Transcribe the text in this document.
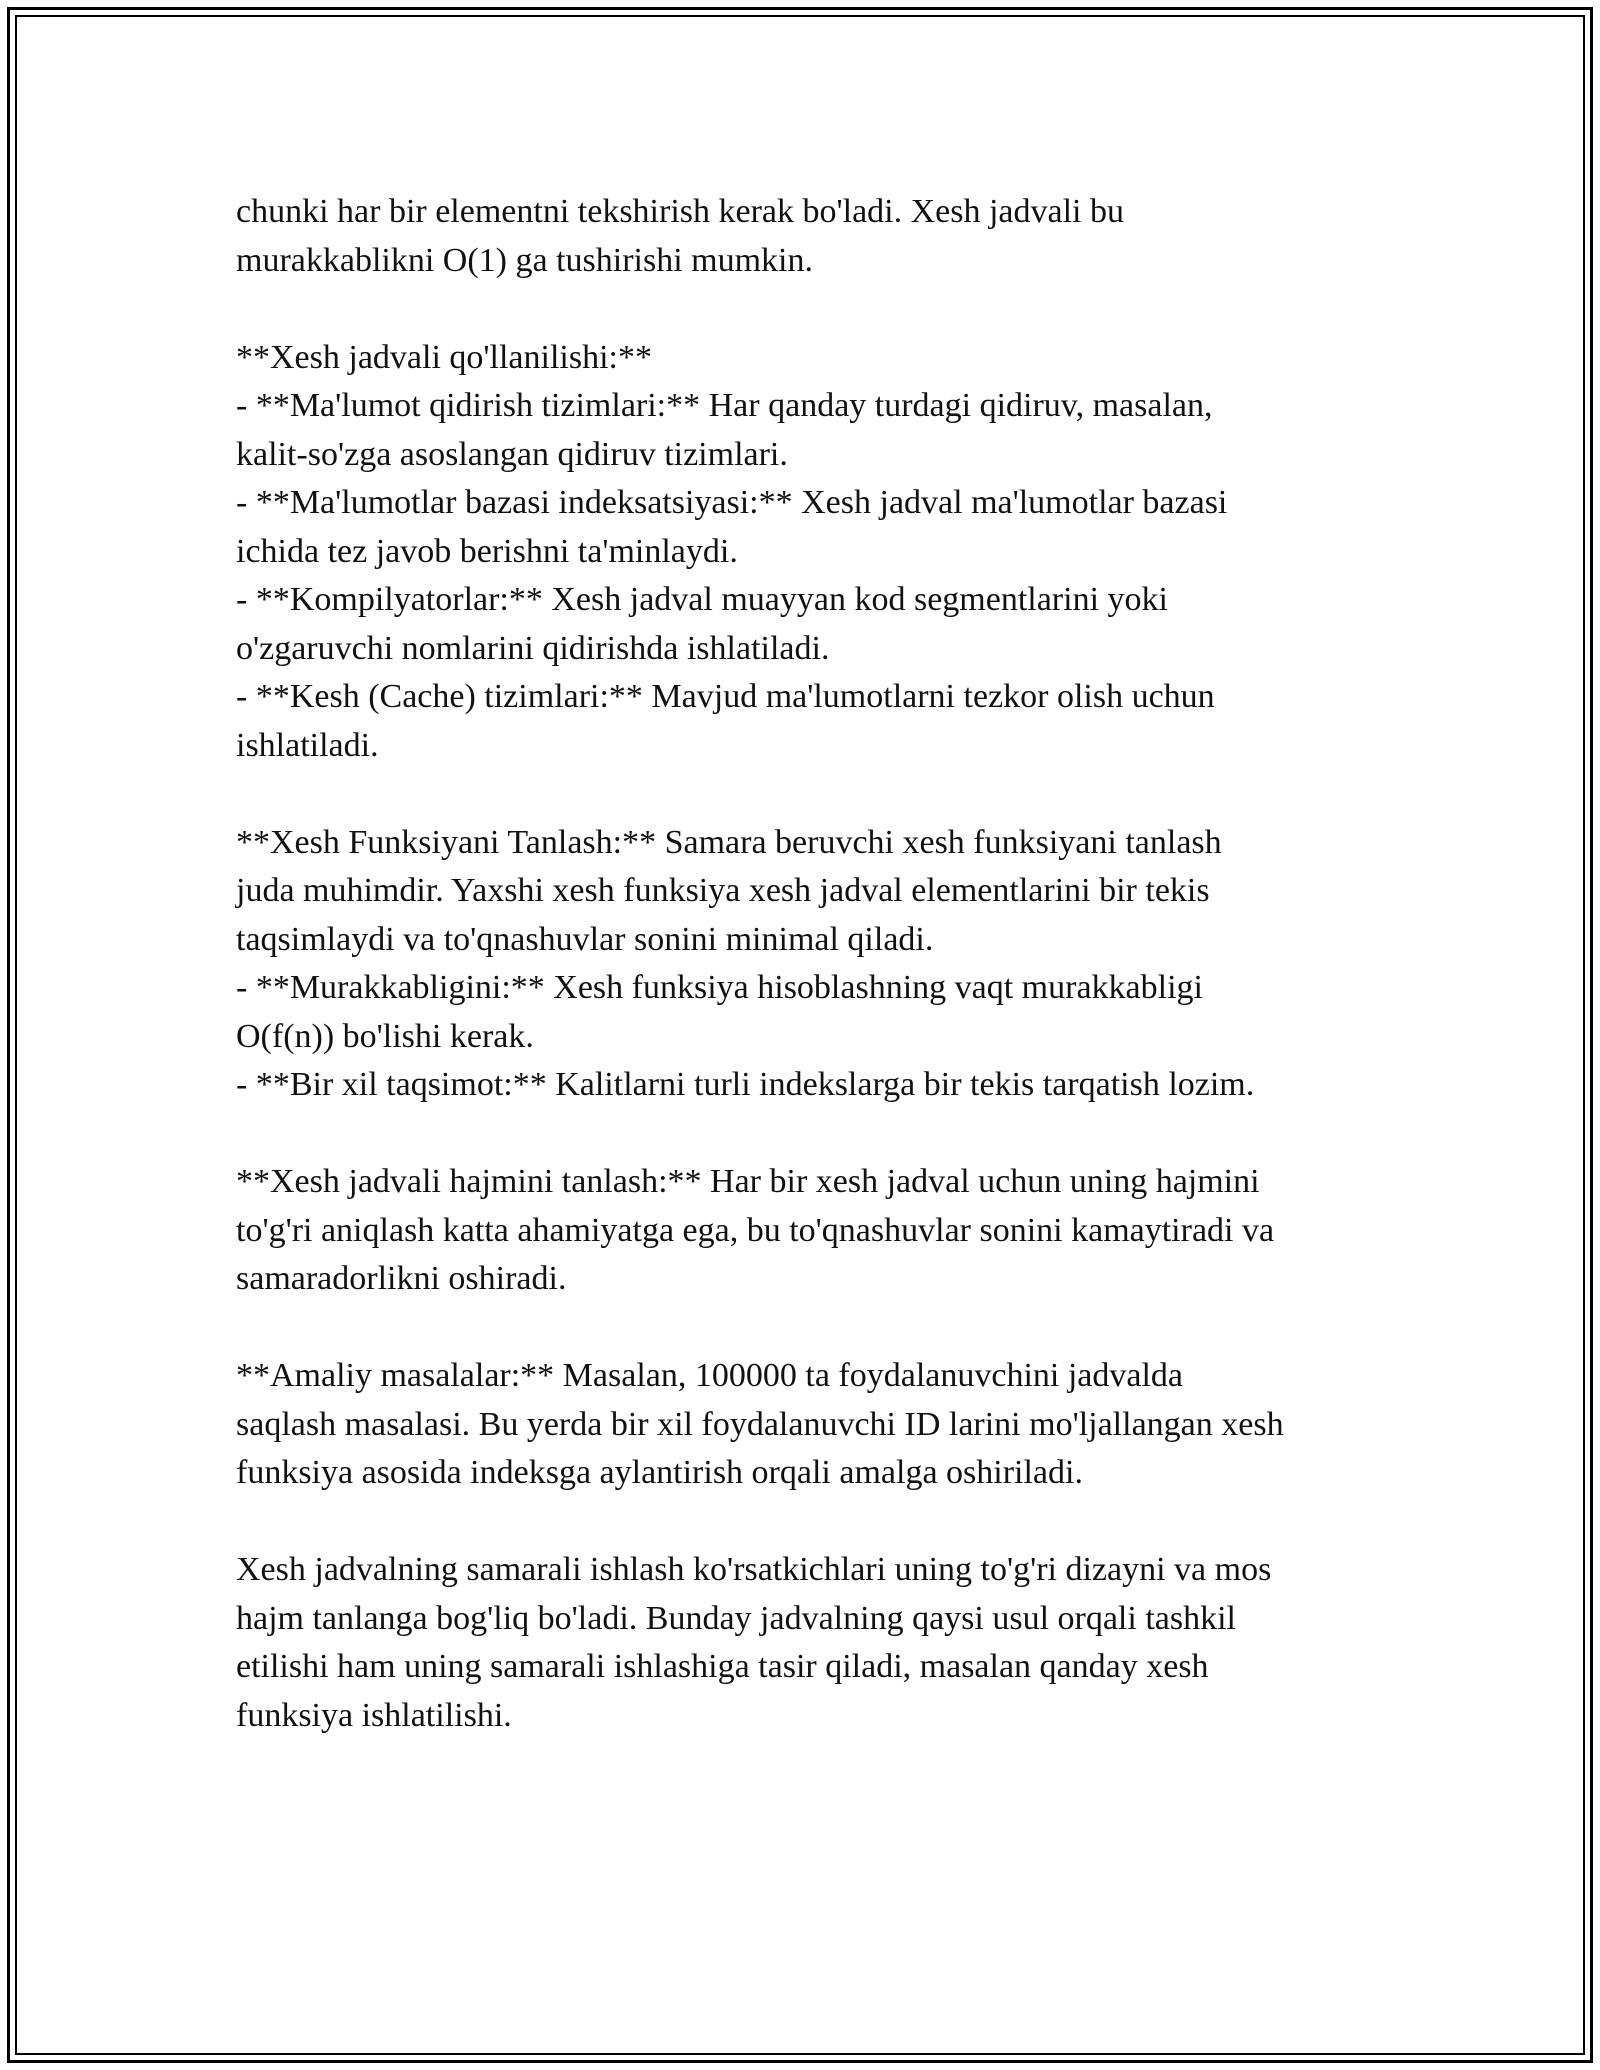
chunki har bir elementni tekshirish kerak bo'ladi. Xesh jadvali bu
murakkablikni O(1) ga tushirishi mumkin.
**Xesh jadvali qo'llanilishi:**
- **Ma'lumot qidirish tizimlari:** Har qanday turdagi qidiruv, masalan,
kalit-so'zga asoslangan qidiruv tizimlari.
- **Ma'lumotlar bazasi indeksatsiyasi:** Xesh jadval ma'lumotlar bazasi
ichida tez javob berishni ta'minlaydi.
- **Kompilyatorlar:** Xesh jadval muayyan kod segmentlarini yoki
o'zgaruvchi nomlarini qidirishda ishlatiladi.
- **Kesh (Cache) tizimlari:** Mavjud ma'lumotlarni tezkor olish uchun
ishlatiladi.
**Xesh Funksiyani Tanlash:** Samara beruvchi xesh funksiyani tanlash
juda muhimdir. Yaxshi xesh funksiya xesh jadval elementlarini bir tekis
taqsimlaydi va to'qnashuvlar sonini minimal qiladi.
- **Murakkabligini:** Xesh funksiya hisoblashning vaqt murakkabligi
O(f(n)) bo'lishi kerak.
- **Bir xil taqsimot:** Kalitlarni turli indekslarga bir tekis tarqatish lozim.
**Xesh jadvali hajmini tanlash:** Har bir xesh jadval uchun uning hajmini
to'g'ri aniqlash katta ahamiyatga ega, bu to'qnashuvlar sonini kamaytiradi va
samaradorlikni oshiradi.
**Amaliy masalalar:** Masalan, 100000 ta foydalanuvchini jadvalda
saqlash masalasi. Bu yerda bir xil foydalanuvchi ID larini mo'ljallangan xesh
funksiya asosida indeksga aylantirish orqali amalga oshiriladi.
Xesh jadvalning samarali ishlash ko'rsatkichlari uning to'g'ri dizayni va mos
hajm tanlanga bog'liq bo'ladi. Bunday jadvalning qaysi usul orqali tashkil
etilishi ham uning samarali ishlashiga tasir qiladi, masalan qanday xesh
funksiya ishlatilishi.
